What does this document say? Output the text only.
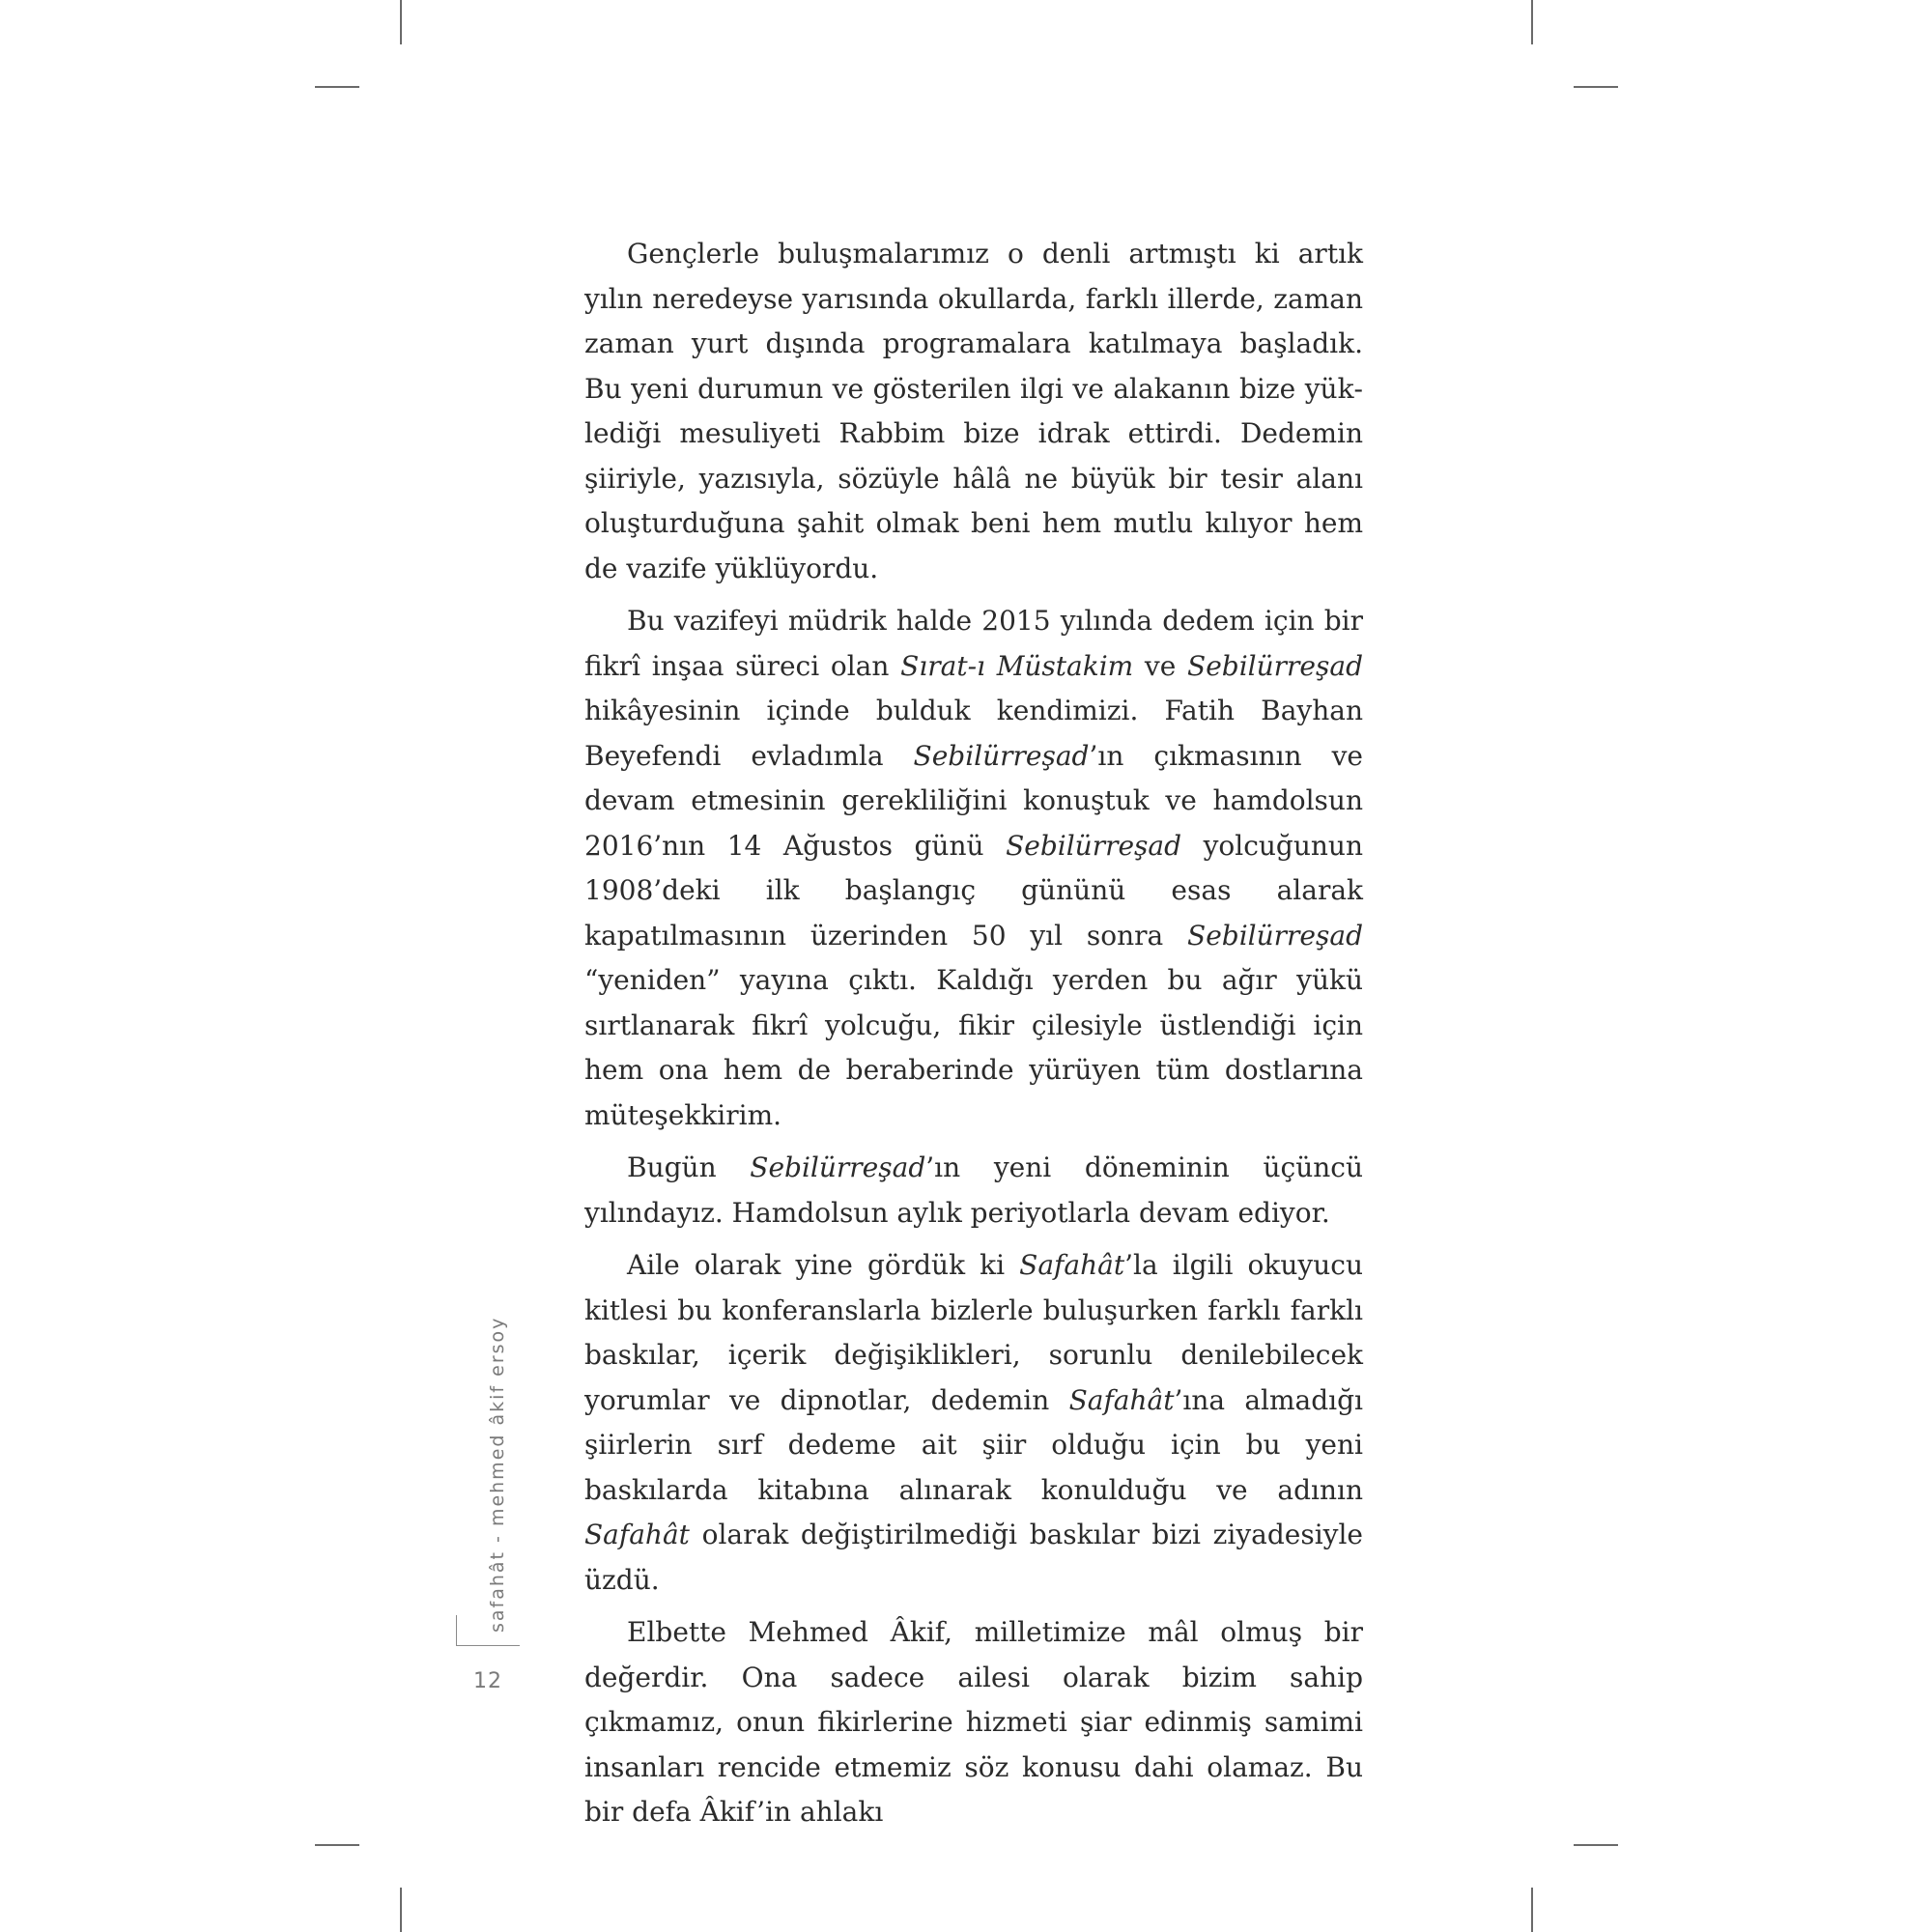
Gençlerle buluşmalarımız o denli artmıştı ki artık yılın neredeyse yarısında okullarda, farklı illerde, zaman zaman yurt dışında programalara katılmaya başladık. Bu yeni durumun ve gösterilen ilgi ve alakanın bize yüklediği mesuliyeti Rabbim bize idrak ettirdi. Dedemin şiiriyle, yazısıyla, sözüyle hâlâ ne büyük bir tesir alanı oluşturduğuna şahit olmak beni hem mutlu kılıyor hem de vazife yüklüyordu.

Bu vazifeyi müdrik halde 2015 yılında dedem için bir fikrî inşaa süreci olan Sırat-ı Müstakim ve Sebilürreşad hikâyesinin içinde bulduk kendimizi. Fatih Bayhan Beyefendi evladımla Sebilürreşad’ın çıkmasının ve devam etmesinin gerekliliğini konuştuk ve hamdolsun 2016’nın 14 Ağustos günü Sebilürreşad yolcuğunun 1908’deki ilk başlangıç gününü esas alarak kapatılmasının üzerinden 50 yıl sonra Sebilürreşad “yeniden” yayına çıktı. Kaldığı yerden bu ağır yükü sırtlanarak fikrî yolcuğu, fikir çilesiyle üstlendiği için hem ona hem de beraberinde yürüyen tüm dostlarına müteşekkirim.

Bugün Sebilürreşad’ın yeni döneminin üçüncü yılındayız. Hamdolsun aylık periyotlarla devam ediyor.

Aile olarak yine gördük ki Safahât’la ilgili okuyucu kitlesi bu konferanslarla bizlerle buluşurken farklı farklı baskılar, içerik değişiklikleri, sorunlu denilebilecek yorumlar ve dipnotlar, dedemin Safahât’ına almadığı şiirlerin sırf dedeme ait şiir olduğu için bu yeni baskılarda kitabına alınarak konulduğu ve adının Safahât olarak değiştirilmediği baskılar bizi ziyadesiyle üzdü.

Elbette Mehmed Âkif, milletimize mâl olmuş bir değerdir. Ona sadece ailesi olarak bizim sahip çıkmamız, onun fikirlerine hizmeti şiar edinmiş samimi insanları rencide etmemiz söz konusu dahi olamaz. Bu bir defa Âkif’in ahlakı

safahât - mehmed âkif ersoy
12
